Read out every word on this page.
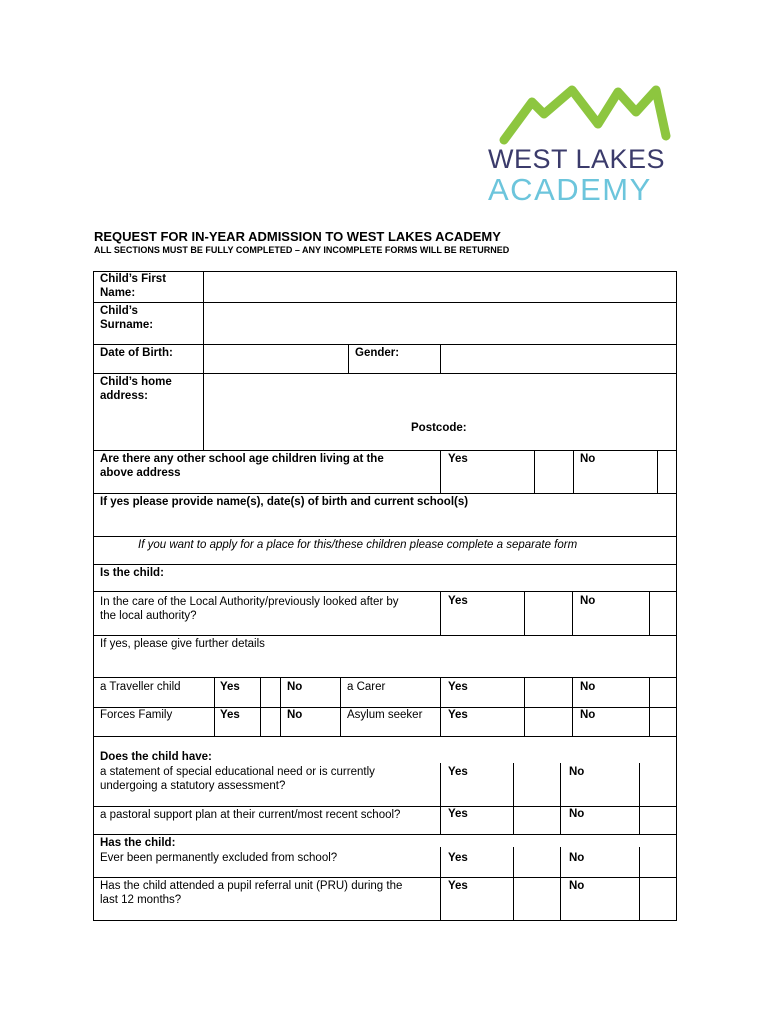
WEST LAKES
ACADEMY
REQUEST FOR IN-YEAR ADMISSION TO WEST LAKES ACADEMY
ALL SECTIONS MUST BE FULLY COMPLETED – ANY INCOMPLETE FORMS WILL BE RETURNED
Child’s First
Name:
Child’s
Surname:
Date of Birth:	Gender:
Child’s home
address:
Postcode:
Are there any other school age children living at the
above address
Yes	No
If yes please provide name(s), date(s) of birth and current school(s)
If you want to apply for a place for this/these children please complete a separate form
Is the child:
In the care of the Local Authority/previously looked after by
the local authority?
Yes	No
If yes, please give further details
a Traveller child	Yes	No	a Carer	Yes	No
Forces Family	Yes	No	Asylum seeker Yes	No
Does the child have:
a statement of special educational need or is currently
undergoing a statutory assessment?
Yes	No
a pastoral support plan at their current/most recent school?	Yes	No
Has the child:
Ever been permanently excluded from school?	Yes	No
Has the child attended a pupil referral unit (PRU) during the
last 12 months?
Yes	No
